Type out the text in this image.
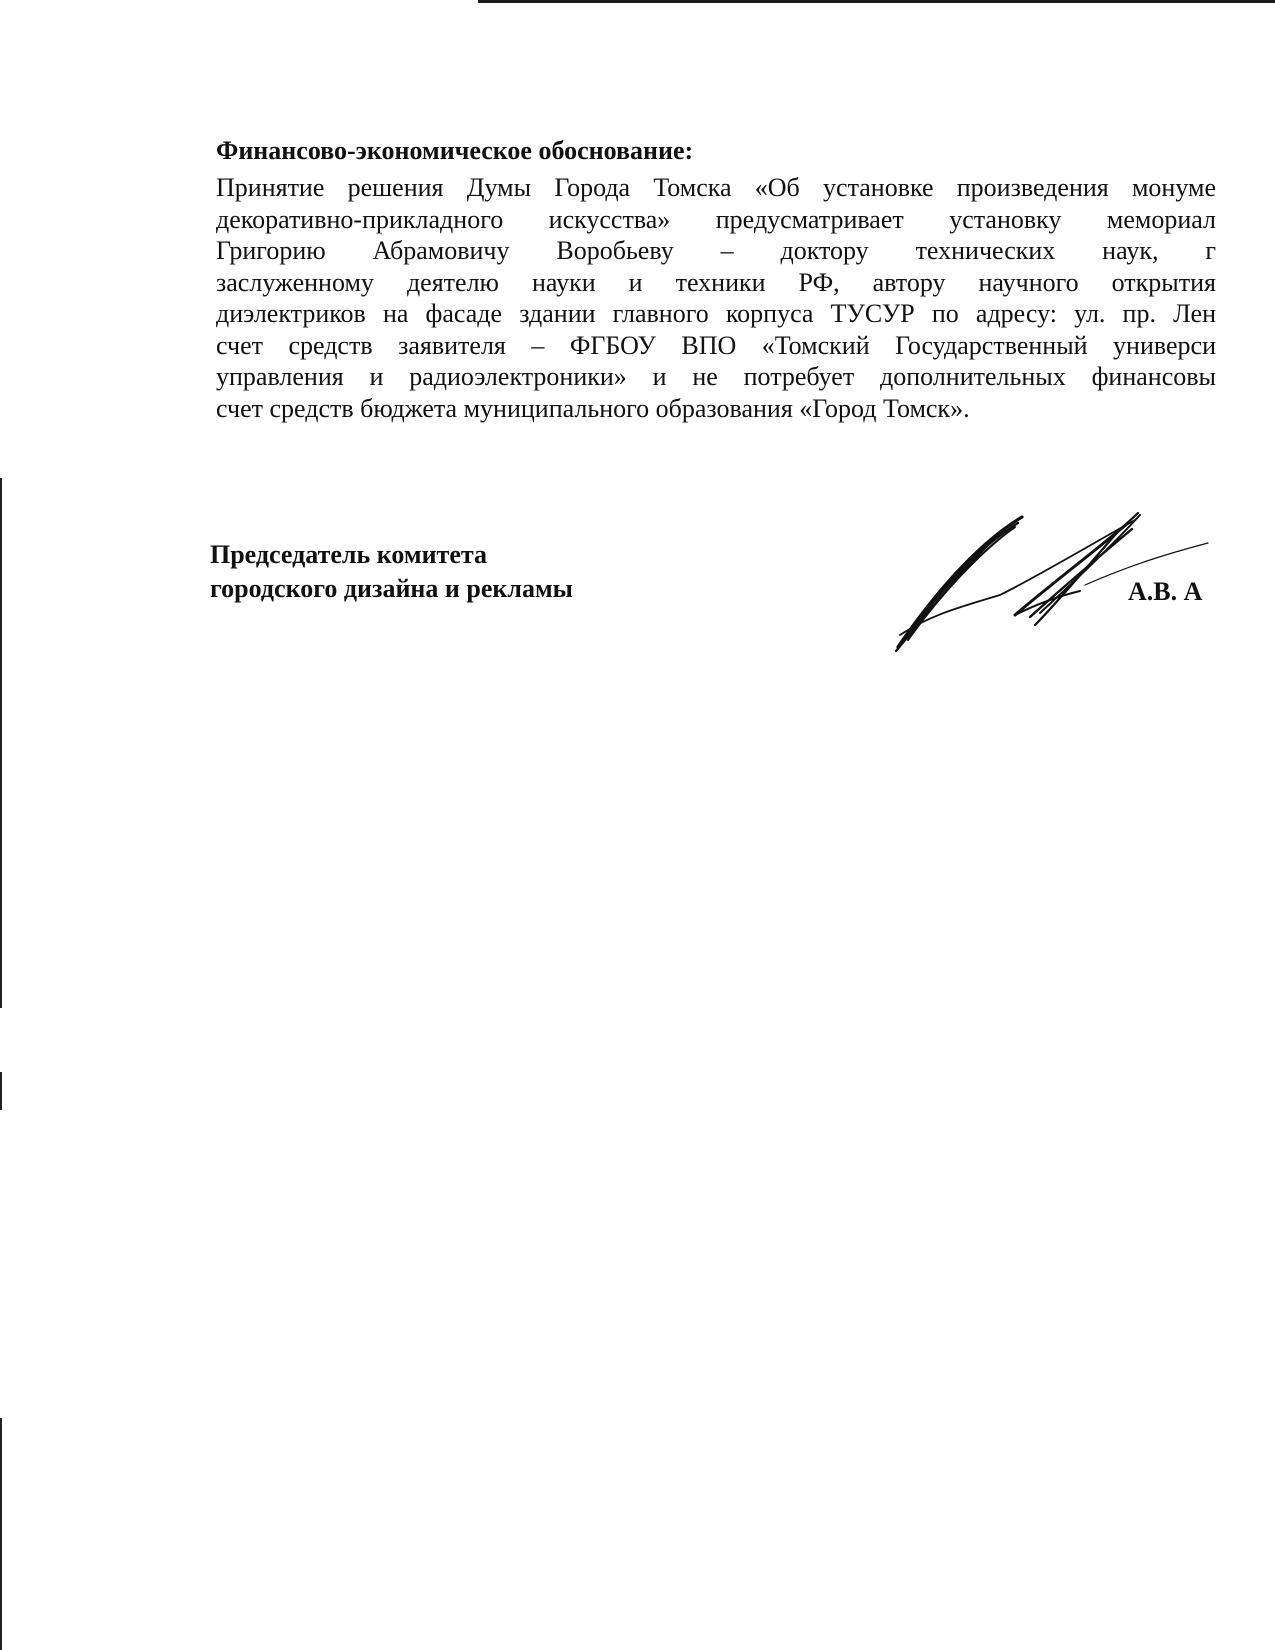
Финансово-экономическое обоснование:
Принятие решения Думы Города Томска «Об установке произведения монуме
декоративно-прикладного искусства» предусматривает установку мемориал
Григорию Абрамовичу Воробьеву – доктору технических наук, г
заслуженному деятелю науки и техники РФ, автору научного открытия
диэлектриков на фасаде здании главного корпуса ТУСУР по адресу: ул. пр. Лен
счет средств заявителя – ФГБОУ ВПО «Томский Государственный универси
управления и радиоэлектроники» и не потребует дополнительных финансовы
счет средств бюджета муниципального образования «Город Томск».
Председатель комитета
городского дизайна и рекламы	А.В. А
